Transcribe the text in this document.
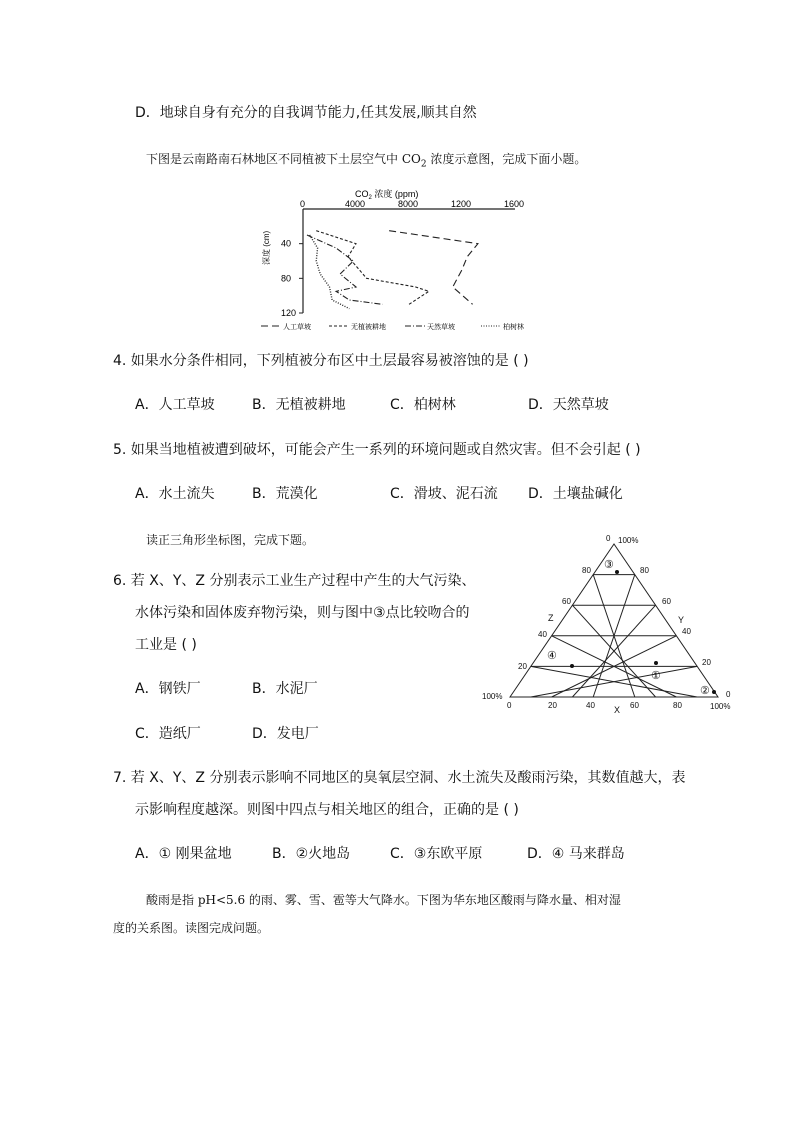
D．地球自身有充分的自我调节能力,任其发展,顺其自然
下图是云南路南石林地区不同植被下土层空气中 $CO_2$ 浓度示意图，完成下面小题。
$CO_2$ 浓度 (ppm)
0	4000	8000	1200	1600
40
80
120
深度 (cm)
人工草坡	无植被耕地	天然草坡	柏树林
4. 如果水分条件相同，下列植被分布区中土层最容易被溶蚀的是 ( )
A．人工草坡	B．无植被耕地	C．柏树林	D．天然草坡
5. 如果当地植被遭到破坏，可能会产生一系列的环境问题或自然灾害。但不会引起 ( )
A．水土流失	B．荒漠化	C．滑坡、泥石流 D．土壤盐碱化
读正三角形坐标图，完成下题。
6. 若 X、Y、Z 分别表示工业生产过程中产生的大气污染、
水体污染和固体废弃物污染，则与图中③点比较吻合的
工业是 ( )
A．钢铁厂	B．水泥厂
C．造纸厂	D．发电厂
0 100%
100%
100%
0
0	20	40	60	80
80
60
40
20
80
60
40
20
X
Y
Z
①
②
③
④
7. 若 X、Y、Z 分别表示影响不同地区的臭氧层空洞、水土流失及酸雨污染，其数值越大，表
示影响程度越深。则图中四点与相关地区的组合，正确的是 ( )
A．① 刚果盆地	B．②火地岛	C．③东欧平原	D．④ 马来群岛
酸雨是指 pH<5.6 的雨、雾、雪、雹等大气降水。下图为华东地区酸雨与降水量、相对湿
度的关系图。读图完成问题。
